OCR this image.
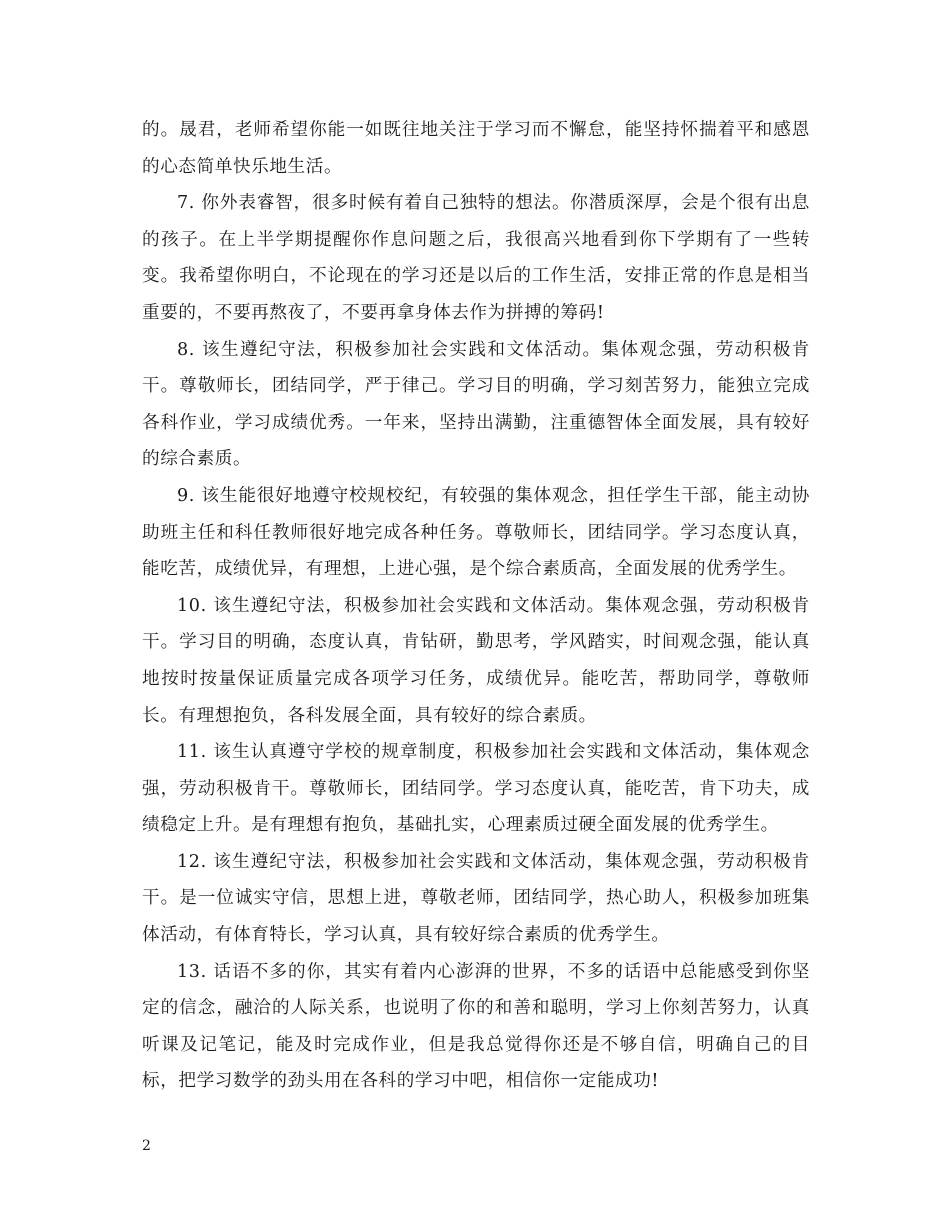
的。晟君，老师希望你能一如既往地关注于学习而不懈怠，能坚持怀揣着平和感恩的心态简单快乐地生活。

7. 你外表睿智，很多时候有着自己独特的想法。你潜质深厚，会是个很有出息的孩子。在上半学期提醒你作息问题之后，我很高兴地看到你下学期有了一些转变。我希望你明白，不论现在的学习还是以后的工作生活，安排正常的作息是相当重要的，不要再熬夜了，不要再拿身体去作为拼搏的筹码!

8. 该生遵纪守法，积极参加社会实践和文体活动。集体观念强，劳动积极肯干。尊敬师长，团结同学，严于律己。学习目的明确，学习刻苦努力，能独立完成各科作业，学习成绩优秀。一年来，坚持出满勤，注重德智体全面发展，具有较好的综合素质。

9. 该生能很好地遵守校规校纪，有较强的集体观念，担任学生干部，能主动协助班主任和科任教师很好地完成各种任务。尊敬师长，团结同学。学习态度认真，能吃苦，成绩优异，有理想，上进心强，是个综合素质高，全面发展的优秀学生。

10. 该生遵纪守法，积极参加社会实践和文体活动。集体观念强，劳动积极肯干。学习目的明确，态度认真，肯钻研，勤思考，学风踏实，时间观念强，能认真地按时按量保证质量完成各项学习任务，成绩优异。能吃苦，帮助同学，尊敬师长。有理想抱负，各科发展全面，具有较好的综合素质。

11. 该生认真遵守学校的规章制度，积极参加社会实践和文体活动，集体观念强，劳动积极肯干。尊敬师长，团结同学。学习态度认真，能吃苦，肯下功夫，成绩稳定上升。是有理想有抱负，基础扎实，心理素质过硬全面发展的优秀学生。

12. 该生遵纪守法，积极参加社会实践和文体活动，集体观念强，劳动积极肯干。是一位诚实守信，思想上进，尊敬老师，团结同学，热心助人，积极参加班集体活动，有体育特长，学习认真，具有较好综合素质的优秀学生。

13. 话语不多的你，其实有着内心澎湃的世界，不多的话语中总能感受到你坚定的信念，融洽的人际关系，也说明了你的和善和聪明，学习上你刻苦努力，认真听课及记笔记，能及时完成作业，但是我总觉得你还是不够自信，明确自己的目标，把学习数学的劲头用在各科的学习中吧，相信你一定能成功!

2
